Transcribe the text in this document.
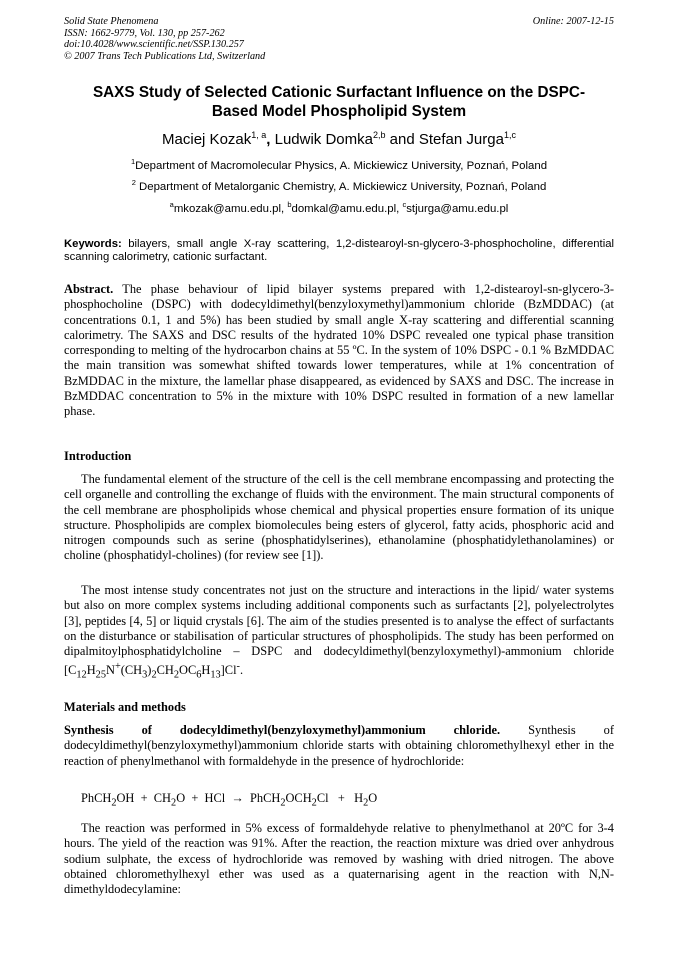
Solid State Phenomena
ISSN: 1662-9779, Vol. 130, pp 257-262
doi:10.4028/www.scientific.net/SSP.130.257
© 2007 Trans Tech Publications Ltd, Switzerland
Online: 2007-12-15
SAXS Study of Selected Cationic Surfactant Influence on the DSPC-
Based Model Phospholipid System
Maciej Kozak$^{1, a}$, Ludwik Domka$^{2,b}$ and Stefan Jurga$^{1,c}$
$^1$Department of Macromolecular Physics, A. Mickiewicz University, Poznań, Poland
$^2$ Department of Metalorganic Chemistry, A. Mickiewicz University, Poznań, Poland
$^a$mkozak@amu.edu.pl, $^b$domkal@amu.edu.pl, $^c$stjurga@amu.edu.pl
Keywords: bilayers, small angle X-ray scattering, 1,2-distearoyl-sn-glycero-3-phosphocholine, differential scanning calorimetry, cationic surfactant.
Abstract. The phase behaviour of lipid bilayer systems prepared with 1,2-distearoyl-sn-glycero-3-phosphocholine (DSPC) with dodecyldimethyl(benzyloxymethyl)ammonium chloride (BzMDDAC) (at concentrations 0.1, 1 and 5%) has been studied by small angle X-ray scattering and differential scanning calorimetry. The SAXS and DSC results of the hydrated 10% DSPC revealed one typical phase transition corresponding to melting of the hydrocarbon chains at 55 ºC. In the system of 10% DSPC - 0.1 % BzMDDAC the main transition was somewhat shifted towards lower temperatures, while at 1% concentration of BzMDDAC in the mixture, the lamellar phase disappeared, as evidenced by SAXS and DSC. The increase in BzMDDAC concentration to 5% in the mixture with 10% DSPC resulted in formation of a new lamellar phase.
Introduction
The fundamental element of the structure of the cell is the cell membrane encompassing and protecting the cell organelle and controlling the exchange of fluids with the environment. The main structural components of the cell membrane are phospholipids whose chemical and physical properties ensure formation of its unique structure. Phospholipids are complex biomolecules being esters of glycerol, fatty acids, phosphoric acid and nitrogen compounds such as serine (phosphatidylserines), ethanolamine (phosphatidylethanolamines) or choline (phosphatidyl-cholines) (for review see [1]).
The most intense study concentrates not just on the structure and interactions in the lipid/ water systems but also on more complex systems including additional components such as surfactants [2], polyelectrolytes [3], peptides [4, 5] or liquid crystals [6]. The aim of the studies presented is to analyse the effect of surfactants on the disturbance or stabilisation of particular structures of phospholipids. The study has been performed on dipalmitoylphosphatidylcholine – DSPC and dodecyldimethyl(benzyloxymethyl)-ammonium chloride $[C_{12}H_{25}N^+(CH_3)_2CH_2OC_6H_{13}]Cl^-$.
Materials and methods
Synthesis of dodecyldimethyl(benzyloxymethyl)ammonium chloride. Synthesis of dodecyldimethyl(benzyloxymethyl)ammonium chloride starts with obtaining chloromethylhexyl ether in the reaction of phenylmethanol with formaldehyde in the presence of hydrochloride:
PhCH$_2$OH + $CH_2O$ + HCl → $PhCH_2OCH_2Cl + H_2O$
The reaction was performed in 5% excess of formaldehyde relative to phenylmethanol at 20ºC for 3-4 hours. The yield of the reaction was 91%. After the reaction, the reaction mixture was dried over anhydrous sodium sulphate, the excess of hydrochloride was removed by washing with dried nitrogen. The above obtained chloromethylhexyl ether was used as a quaternarising agent in the reaction with N,N-dimethyldodecylamine:
